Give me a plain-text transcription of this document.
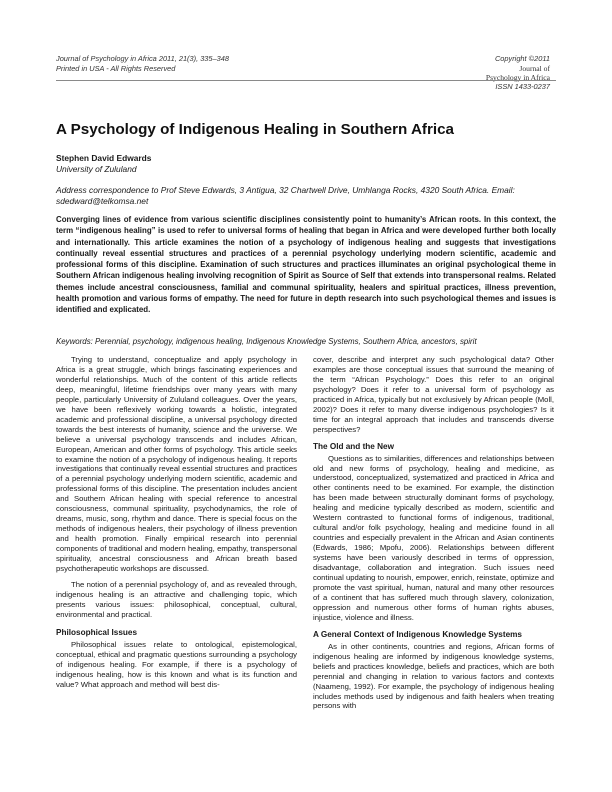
Journal of Psychology in Africa 2011, 21(3), 335–348
Printed in USA - All Rights Reserved
Copyright ©2011
Journal of
Psychology in Africa
ISSN 1433-0237
A Psychology of Indigenous Healing in Southern Africa
Stephen David Edwards
University of Zululand
Address correspondence to Prof Steve Edwards, 3 Antigua, 32 Chartwell Drive, Umhlanga Rocks, 4320 South Africa. Email: sdedward@telkomsa.net
Converging lines of evidence from various scientific disciplines consistently point to humanity’s African roots. In this context, the term “indigenous healing” is used to refer to universal forms of healing that began in Africa and were developed further both locally and internationally. This article examines the notion of a psychology of indigenous healing and suggests that investigations continually reveal essential structures and practices of a perennial psychology underlying modern scientific, academic and professional forms of this discipline. Examination of such structures and practices illuminates an original psychological theme in Southern African indigenous healing involving recognition of Spirit as Source of Self that extends into transpersonal realms. Related themes include ancestral consciousness, familial and communal spirituality, healers and spiritual practices, illness prevention, health promotion and various forms of empathy. The need for future in depth research into such psychological themes and issues is identified and explicated.
Keywords: Perennial, psychology, indigenous healing, Indigenous Knowledge Systems, Southern Africa, ancestors, spirit

Trying to understand, conceptualize and apply psychology in Africa is a great struggle, which brings fascinating experiences and wonderful relationships. Much of the content of this article reflects deep, meaningful, lifetime friendships over many years with many people, particularly University of Zululand colleagues. Over the years, we have been reflexively working towards a holistic, integrated academic and professional discipline, a universal psychology directed towards the best interests of humanity, science and the universe. We believe a universal psychology transcends and includes African, European, American and other forms of psychology. This article seeks to examine the notion of a psychology of indigenous healing. It reports investigations that continually reveal essential structures and practices of a perennial psychology underlying modern scientific, academic and professional forms of this discipline. The presentation includes ancient and Southern African healing with special reference to ancestral consciousness, communal spirituality, psychodynamics, the role of dreams, music, song, rhythm and dance. There is special focus on the methods of indigenous healers, their psychology of illness prevention and health promotion. Finally empirical research into perennial components of traditional and modern healing, empathy, transpersonal spirituality, ancestral consciousness and African breath based psychotherapeutic workshops are discussed.

The notion of a perennial psychology of, and as revealed through, indigenous healing is an attractive and challenging topic, which presents various issues: philosophical, conceptual, cultural, environmental and practical.

Philosophical Issues

Philosophical issues relate to ontological, epistemological, conceptual, ethical and pragmatic questions surrounding a psychology of indigenous healing. For example, if there is a psychology of indigenous healing, how is this known and what is its function and value? What approach and method will best dis-

cover, describe and interpret any such psychological data? Other examples are those conceptual issues that surround the meaning of the term “African Psychology.” Does this refer to an original psychology? Does it refer to a universal form of psychology as practiced in Africa, typically but not exclusively by African people (Moll, 2002)? Does it refer to many diverse indigenous psychologies? Is it time for an integral approach that includes and transcends diverse perspectives?

The Old and the New

Questions as to similarities, differences and relationships between old and new forms of psychology, healing and medicine, as understood, conceptualized, systematized and practiced in Africa and other continents need to be examined. For example, the distinction has been made between structurally dominant forms of psychology, healing and medicine typically described as modern, scientific and Western contrasted to functional forms of indigenous, traditional, cultural and/or folk psychology, healing and medicine found in all countries and especially prevalent in the African and Asian continents (Edwards, 1986; Mpofu, 2006). Relationships between different systems have been variously described in terms of oppression, disadvantage, collaboration and integration. Such issues need continual updating to nourish, empower, enrich, reinstate, optimize and promote the vast spiritual, human, natural and many other resources of a continent that has suffered much through slavery, colonization, oppression and numerous other forms of human rights abuses, injustice, violence and illness.

A General Context of Indigenous Knowledge Systems

As in other continents, countries and regions, African forms of indigenous healing are informed by indigenous knowledge systems, beliefs and practices knowledge, beliefs and practices, which are both perennial and changing in relation to various factors and contexts (Naameng, 1992). For example, the psychology of indigenous healing includes methods used by indigenous and faith healers when treating persons with
